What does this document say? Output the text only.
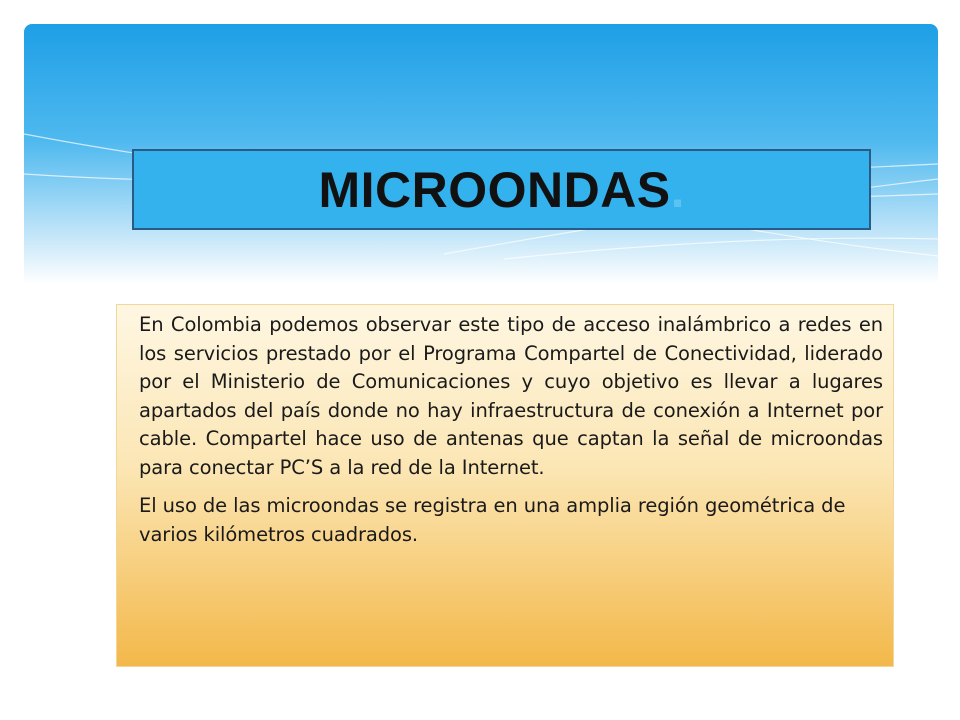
MICROONDAS .

En Colombia podemos observar este tipo de acceso inalámbrico a redes en los servicios prestado por el Programa Compartel de Conectividad, liderado por el Ministerio de Comunicaciones y cuyo objetivo es llevar a lugares apartados del país donde no hay infraestructura de conexión a Internet por cable. Compartel hace uso de antenas que captan la señal de microondas para conectar PC’S a la red de la Internet.

El uso de las microondas se registra en una amplia región geométrica de varios kilómetros cuadrados.
